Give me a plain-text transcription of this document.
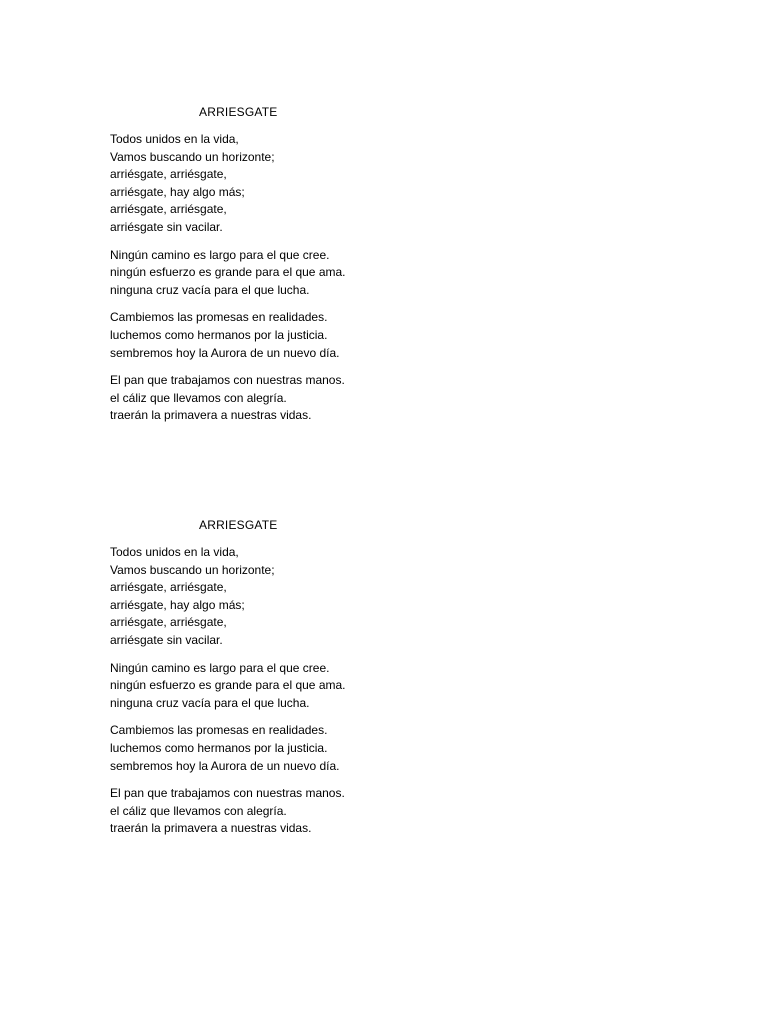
ARRIESGATE
Todos unidos en la vida,
Vamos buscando un horizonte;
arriésgate, arriésgate,
arriésgate, hay algo más;
arriésgate, arriésgate,
arriésgate sin vacilar.
Ningún camino es largo para el que cree.
ningún esfuerzo es grande para el que ama.
ninguna cruz vacía para el que lucha.
Cambiemos las promesas en realidades.
luchemos como hermanos por la justicia.
sembremos hoy la Aurora de un nuevo día.
El pan que trabajamos con nuestras manos.
el cáliz que llevamos con alegría.
traerán la primavera a nuestras vidas.
ARRIESGATE
Todos unidos en la vida,
Vamos buscando un horizonte;
arriésgate, arriésgate,
arriésgate, hay algo más;
arriésgate, arriésgate,
arriésgate sin vacilar.
Ningún camino es largo para el que cree.
ningún esfuerzo es grande para el que ama.
ninguna cruz vacía para el que lucha.
Cambiemos las promesas en realidades.
luchemos como hermanos por la justicia.
sembremos hoy la Aurora de un nuevo día.
El pan que trabajamos con nuestras manos.
el cáliz que llevamos con alegría.
traerán la primavera a nuestras vidas.
